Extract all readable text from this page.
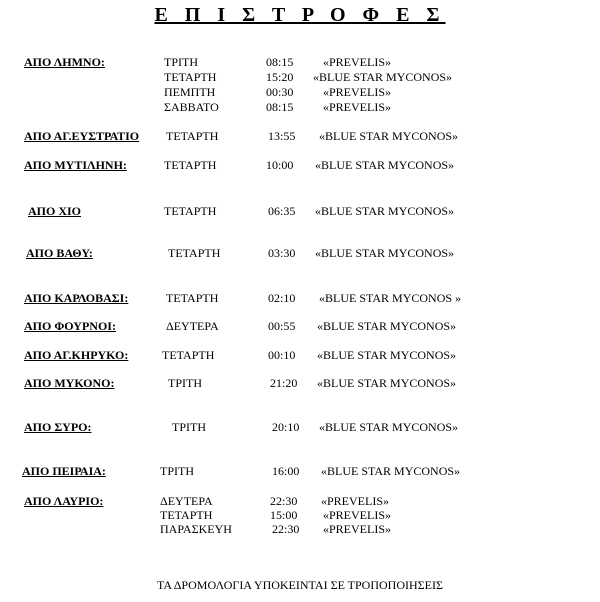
Ε Π Ι Σ Τ Ρ Ο Φ Ε Σ
ΑΠΟ ΛΗΜΝΟ:	ΤΡΙΤΗ	08:15 «PREVELIS»
ΤΕΤΑΡΤΗ	15:20 «BLUE STAR MYCONOS»
ΠΕΜΠΤΗ	00:30 «PREVELIS»
ΣΑΒΒΑΤΟ	08:15 «PREVELIS»
ΑΠΟ ΑΓ.ΕΥΣΤΡΑΤΙΟ ΤΕΤΑΡΤΗ	13:55 «BLUE STAR MYCONOS»
ΑΠΟ ΜΥΤΙΛΗΝΗ:	ΤΕΤΑΡΤΗ	10:00 «BLUE STAR MYCONOS»
ΑΠΟ ΧΙΟ	ΤΕΤΑΡΤΗ	06:35 «BLUE STAR MYCONOS»
ΑΠΟ ΒΑΘΥ:	ΤΕΤΑΡΤΗ	03:30 «BLUE STAR MYCONOS»
ΑΠΟ ΚΑΡΛΟΒΑΣΙ:	ΤΕΤΑΡΤΗ	02:10 «BLUE STAR MYCONOS »
ΑΠΟ ΦΟΥΡΝΟΙ:	ΔΕΥΤΕΡΑ	00:55 «BLUE STAR MYCONOS»
ΑΠΟ ΑΓ.ΚΗΡΥΚΟ:	ΤΕΤΑΡΤΗ	00:10 «BLUE STAR MYCONOS»
ΑΠΟ ΜΥΚΟΝΟ:	ΤΡΙΤΗ	21:20 «BLUE STAR MYCONOS»
ΑΠΟ ΣΥΡΟ:	ΤΡΙΤΗ	20:10 «BLUE STAR MYCONOS»
ΑΠΟ ΠΕΙΡΑΙΑ:	ΤΡΙΤΗ	16:00 «BLUE STAR MYCONOS»
ΑΠΟ ΛΑΥΡΙΟ:	ΔΕΥΤΕΡΑ	22:30 «PREVELIS»
ΤΕΤΑΡΤΗ	15:00 «PREVELIS»
ΠΑΡΑΣΚΕΥΗ	22:30 «PREVELIS»
ΤΑ ΔΡΟΜΟΛΟΓΙΑ ΥΠΟΚΕΙΝΤΑΙ ΣΕ ΤΡΟΠΟΠΟΙΗΣΕΙΣ
